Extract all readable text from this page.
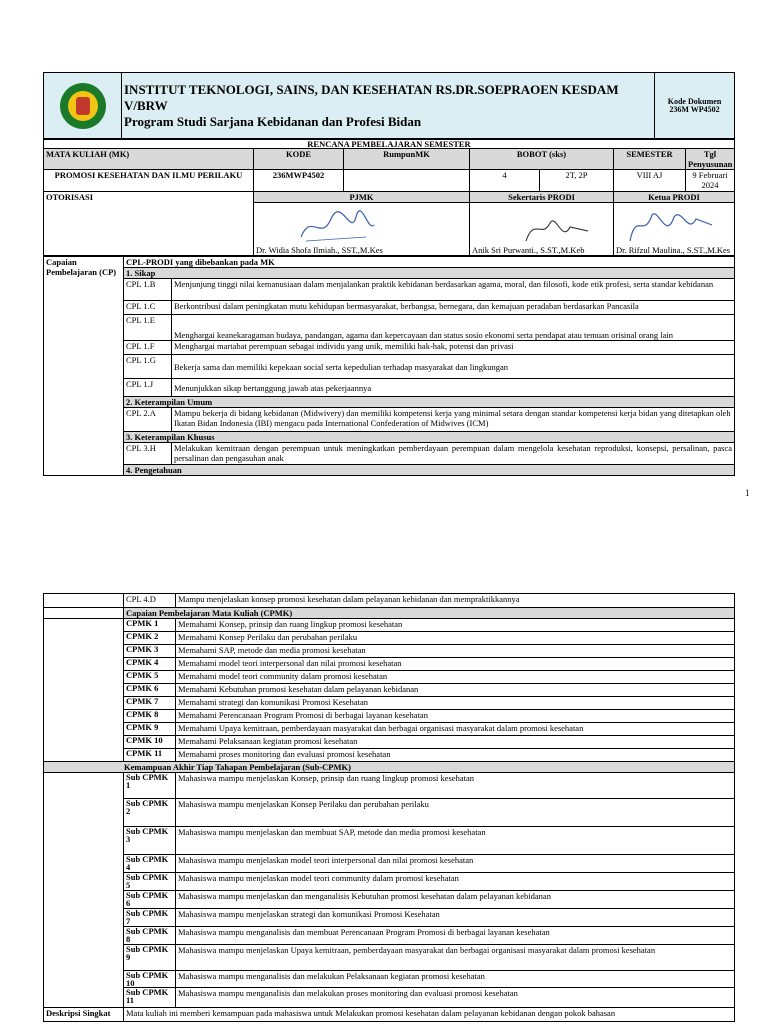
INSTITUT TEKNOLOGI, SAINS, DAN KESEHATAN RS.DR.SOEPRAOEN KESDAM V/BRW
Program Studi Sarjana Kebidanan dan Profesi Bidan
	Kode Dokumen 236M WP4502
RENCANA PEMBELAJARAN SEMESTER						
MATA KULIAH (MK)	KODE	RumpunMK	BOBOT (sks)		SEMESTER	Tgl Penyusunan
PROMOSI KESEHATAN DAN ILMU PERILAKU	236MWP4502		4	2T, 2P	VIII AJ	9 Februari 2024
OTORISASI	PJMK		Sekertaris PRODI		Ketua PRODI	

	Dr. Widia Shofa Ilmiah., SST.,M.Kes		Anik Sri Purwanti., S.ST.,M.Keb		Dr. Rifzul Maulina., S.ST.,M.Kes	
Capaian Pembelajaran (CP)	CPL-PRODI yang dibebankan pada MK	
	1. Sikap	
	CPL 1.B	Menjunjung tinggi nilai kemanusiaan dalam menjalankan praktik kebidanan berdasarkan agama, moral, dan filosofi, kode etik profesi, serta standar kebidanan
	CPL 1.C	Berkontribusi dalam peningkatan mutu kehidupan bermasyarakat, berbangsa, bernegara, dan kemajuan peradaban berdasarkan Pancasila
	CPL 1.E	Menghargai keanekaragaman budaya, pandangan, agama dan kepercayaan dan status sosio ekonomi serta pendapat atau temuan orisinal orang lain
	CPL 1.F	Menghargai martabat perempuan sebagai individu yang unik, memiliki hak-hak, potensi dan privasi
	CPL 1.G	Bekerja sama dan memiliki kepekaan social serta kepedulian terhadap masyarakat dan lingkungan
	CPL 1.J	Menunjukkan sikap bertanggung jawab atas pekerjaannya
	2. Keterampilan Umum	
	CPL 2.A	Mampu bekerja di bidang kebidanan (Midwivery) dan memiliki kompetensi kerja yang minimal setara dengan standar kompetensi kerja bidan yang ditetapkan oleh Ikatan Bidan Indonesia (IBI) mengacu pada International Confederation of Midwives (ICM)
	3. Keterampilan Khusus	
	CPL 3.H	Melakukan kemitraan dengan perempuan untuk meningkatkan pemberdayaan perempuan dalam mengelola kesehatan reproduksi, konsepsi, persalinan, pasca persalinan dan pengasuhan anak
	4. Pengetahuan	
1
	CPL 4.D	Mampu menjelaskan konsep promosi kesehatan dalam pelayanan kebidanan dan mempraktikkannya
	Capaian Pembelajaran Mata Kuliah (CPMK)	
	CPMK 1	Memahami Konsep, prinsip dan ruang lingkup promosi kesehatan
	CPMK 2	Memahami Konsep Perilaku dan perubahan perilaku
	CPMK 3	Memahami SAP, metode dan media promosi kesehatan
	CPMK 4	Memahami model teori interpersonal dan nilai promosi kesehatan
	CPMK 5	Memahami model teori community dalam promosi kesehatan
	CPMK 6	Memahami Kebutuhan promosi kesehatan dalam pelayanan kebidanan
	CPMK 7	Memahami strategi dan komunikasi Promosi Kesehatan
	CPMK 8	Memahami Perencanaan Program Promosi di berbagai layanan kesehatan
	CPMK 9	Memahami Upaya kemitraan, pemberdayaan masyarakat dan berbagai organisasi masyarakat dalam promosi kesehatan
	CPMK 10	Memahami Pelaksanaan kegiatan promosi kesehatan
	CPMK 11	Memahami proses monitoring dan evaluasi promosi kesehatan
Kemampuan Akhir Tiap Tahapan Pembelajaran (Sub-CPMK)		
	Sub CPMK 1	Mahasiswa mampu menjelaskan Konsep, prinsip dan ruang lingkup promosi kesehatan
	Sub CPMK 2	Mahasiswa mampu menjelaskan Konsep Perilaku dan perubahan perilaku
	Sub CPMK 3	Mahasiswa mampu menjelaskan dan membuat SAP, metode dan media promosi kesehatan
	Sub CPMK 4	Mahasiswa mampu menjelaskan model teori interpersonal dan nilai promosi kesehatan
	Sub CPMK 5	Mahasiswa mampu menjelaskan model teori community dalam promosi kesehatan
	Sub CPMK 6	Mahasiswa mampu menjelaskan dan menganalisis Kebutuhan promosi kesehatan dalam pelayanan kebidanan
	Sub CPMK 7	Mahasiswa mampu menjelaskan strategi dan komunikasi Promosi Kesehatan
	Sub CPMK 8	Mahasiswa mampu menganalisis dan membuat Perencanaan Program Promosi di berbagai layanan kesehatan
	Sub CPMK 9	Mahasiswa mampu menjelaskan Upaya kemitraan, pemberdayaan masyarakat dan berbagai organisasi masyarakat dalam promosi kesehatan
	Sub CPMK 10	Mahasiswa mampu menganalisis dan melakukan Pelaksanaan kegiatan promosi kesehatan
	Sub CPMK 11	Mahasiswa mampu menganalisis dan melakukan proses monitoring dan evaluasi promosi kesehatan
Deskripsi Singkat	Mata kuliah ini memberi kemampuan pada mahasiswa untuk Melakukan promosi kesehatan dalam pelayanan kebidanan dengan pokok bahasan	
